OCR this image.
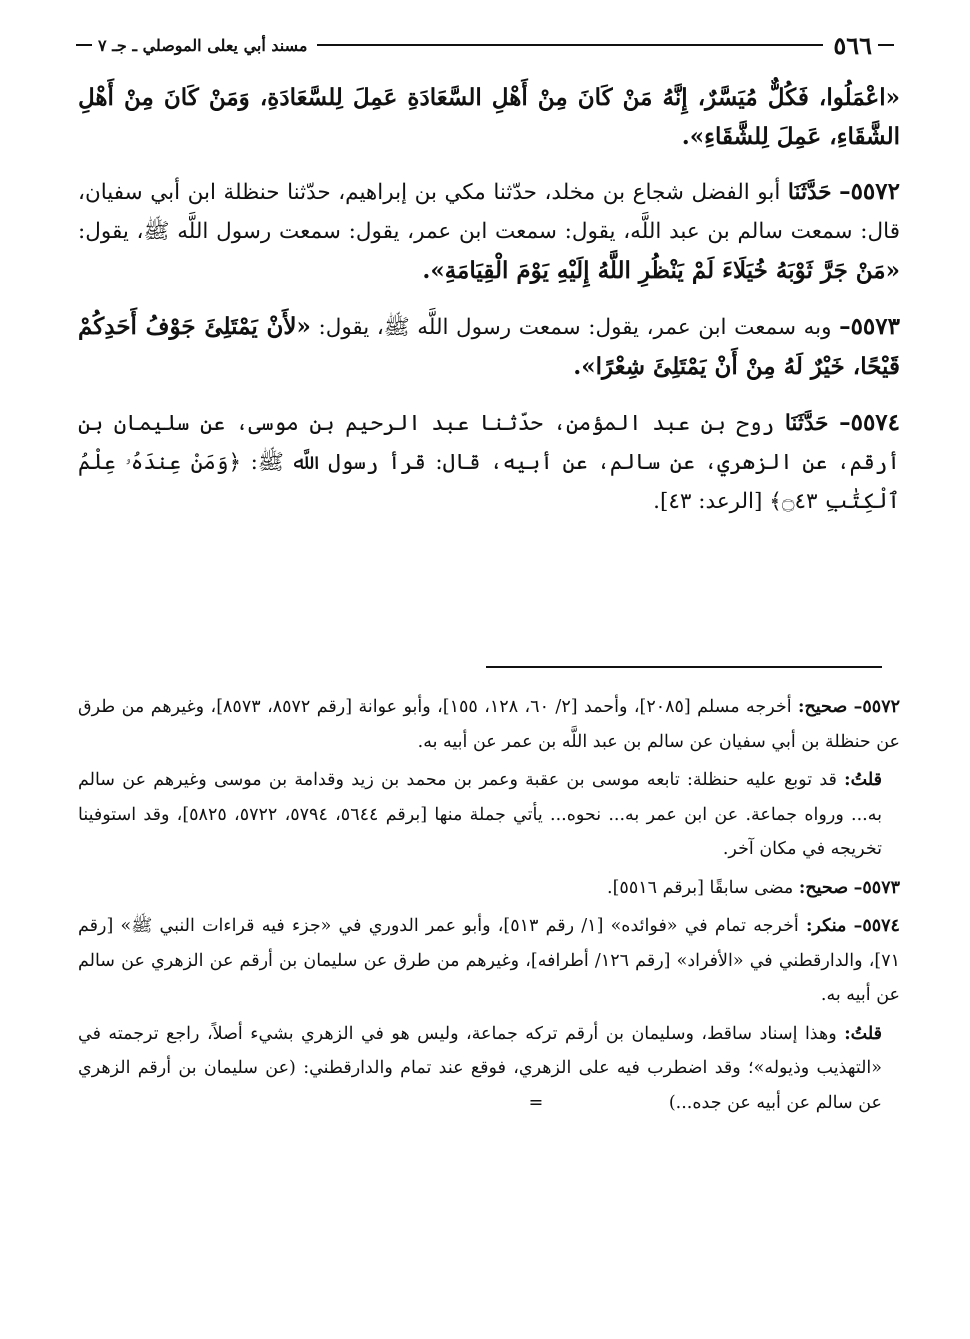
٥٦٦
مسند أبي يعلى الموصلي ـ جـ ٧

«اعْمَلُوا، فَكُلٌّ مُيَسَّرٌ، إِنَّهُ مَنْ كَانَ مِنْ أَهْلِ السَّعَادَةِ عَمِلَ لِلسَّعَادَةِ، وَمَنْ كَانَ مِنْ أَهْلِ الشَّقَاءِ، عَمِلَ لِلشَّقَاءِ».

٥٥٧٢– حَدَّثَنَا أبو الفضل شجاع بن مخلد، حدّثنا مكي بن إبراهيم، حدّثنا حنظلة ابن أبي سفيان، قال: سمعت سالم بن عبد اللَّه، يقول: سمعت ابن عمر، يقول: سمعت رسول اللَّه ﷺ، يقول: «مَنْ جَرَّ ثَوْبَهُ خُيَلَاءَ لَمْ يَنْظُرِ اللَّهُ إِلَيْهِ يَوْمَ الْقِيَامَةِ».

٥٥٧٣– وبه سمعت ابن عمر، يقول: سمعت رسول اللَّه ﷺ، يقول: «لأَنْ يَمْتَلِئَ جَوْفُ أَحَدِكُمْ قَيْحًا، خَيْرٌ لَهُ مِنْ أَنْ يَمْتَلِئَ شِعْرًا».

٥٥٧٤– حَدَّثَنَا روح بن عبد المؤمن، حدّثنا عبد الرحيم بن موسى، عن سليمان بن أرقم، عن الزهري، عن سالم، عن أبيه، قال: قرأ رسول اللَّه ﷺ: ﴿وَمَنْ عِندَهُۥ عِلْمُ ٱلْكِتَٰبِ ۝٤٣﴾ [الرعد: ٤٣].

٥٥٧٢– صحيح: أخرجه مسلم [٢٠٨٥]، وأحمد [٢/ ٦٠، ١٢٨، ١٥٥]، وأبو عوانة [رقم ٨٥٧٢، ٨٥٧٣]، وغيرهم من طرق عن حنظلة بن أبي سفيان عن سالم بن عبد اللَّه بن عمر عن أبيه به.

قلتُ: قد توبع عليه حنظلة: تابعه موسى بن عقبة وعمر بن محمد بن زيد وقدامة بن موسى وغيرهم عن سالم به... ورواه جماعة. عن ابن عمر به... نحوه... يأتي جملة منها [برقم ٥٦٤٤، ٥٧٩٤، ٥٧٢٢، ٥٨٢٥]، وقد استوفينا تخريجه في مكان آخر.

٥٥٧٣– صحيح: مضى سابقًا [برقم ٥٥١٦].

٥٥٧٤– منكر: أخرجه تمام في «فوائده» [١/ رقم ٥١٣]، وأبو عمر الدوري في «جزء فيه قراءات النبي ﷺ» [رقم ٧١]، والدارقطني في «الأفراد» [رقم ١٢٦/ أطرافه]، وغيرهم من طرق عن سليمان بن أرقم عن الزهري عن سالم عن أبيه به.

قلتُ: وهذا إسناد ساقط، وسليمان بن أرقم تركه جماعة، وليس هو في الزهري بشيء أصلاً، راجع ترجمته في «التهذيب وذيوله»؛ وقد اضطرب فيه على الزهري، فوقع عند تمام والدارقطني: (عن سليمان بن أرقم الزهري عن سالم عن أبيه عن جده...) =
